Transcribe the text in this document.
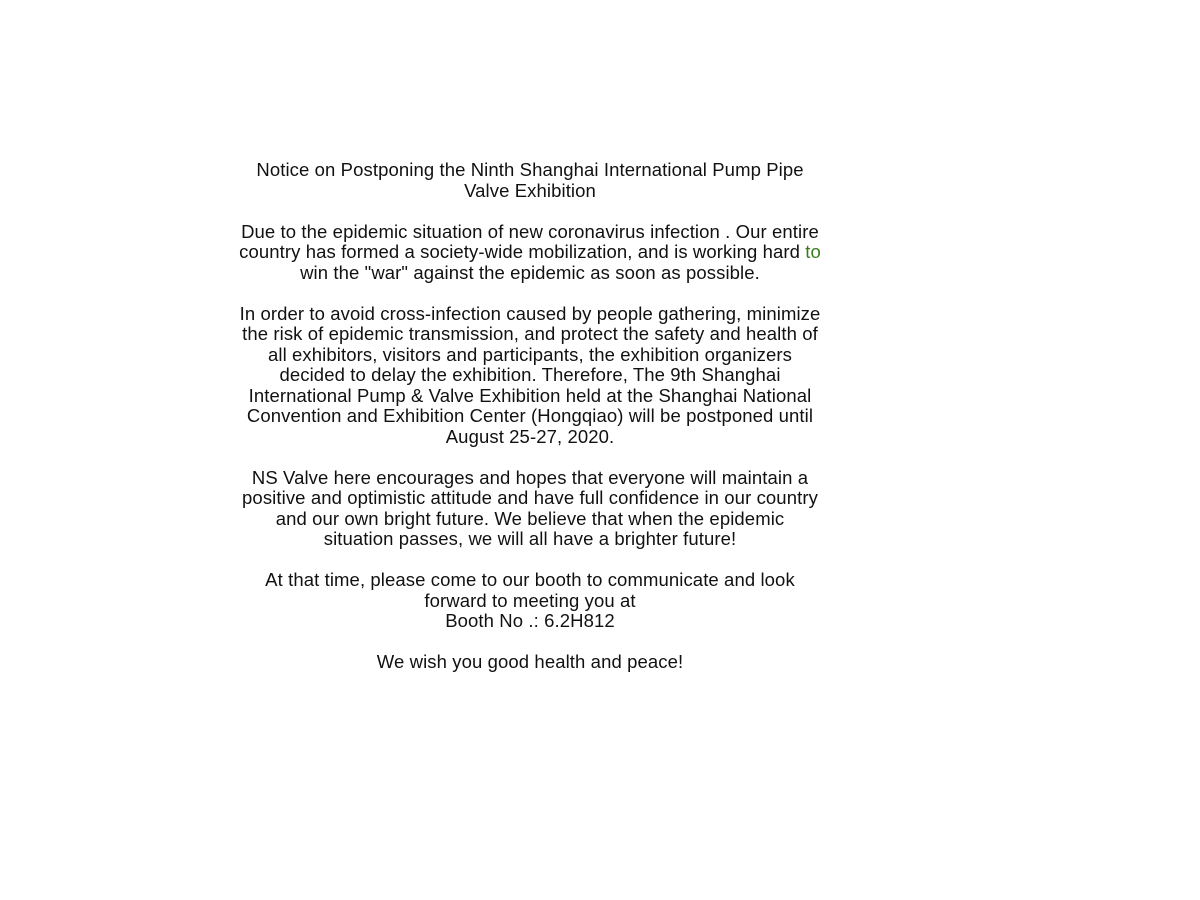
Notice on Postponing the Ninth Shanghai International Pump Pipe
Valve Exhibition
Due to the epidemic situation of new coronavirus infection . Our entire
country has formed a society-wide mobilization, and is working hard to
win the "war" against the epidemic as soon as possible.
In order to avoid cross-infection caused by people gathering, minimize
the risk of epidemic transmission, and protect the safety and health of
all exhibitors, visitors and participants, the exhibition organizers
decided to delay the exhibition. Therefore, The 9th Shanghai
International Pump & Valve Exhibition held at the Shanghai National
Convention and Exhibition Center (Hongqiao) will be postponed until
August 25-27, 2020.
NS Valve here encourages and hopes that everyone will maintain a
positive and optimistic attitude and have full confidence in our country
and our own bright future. We believe that when the epidemic
situation passes, we will all have a brighter future!
At that time, please come to our booth to communicate and look
forward to meeting you at
Booth No .: 6.2H812
We wish you good health and peace!
